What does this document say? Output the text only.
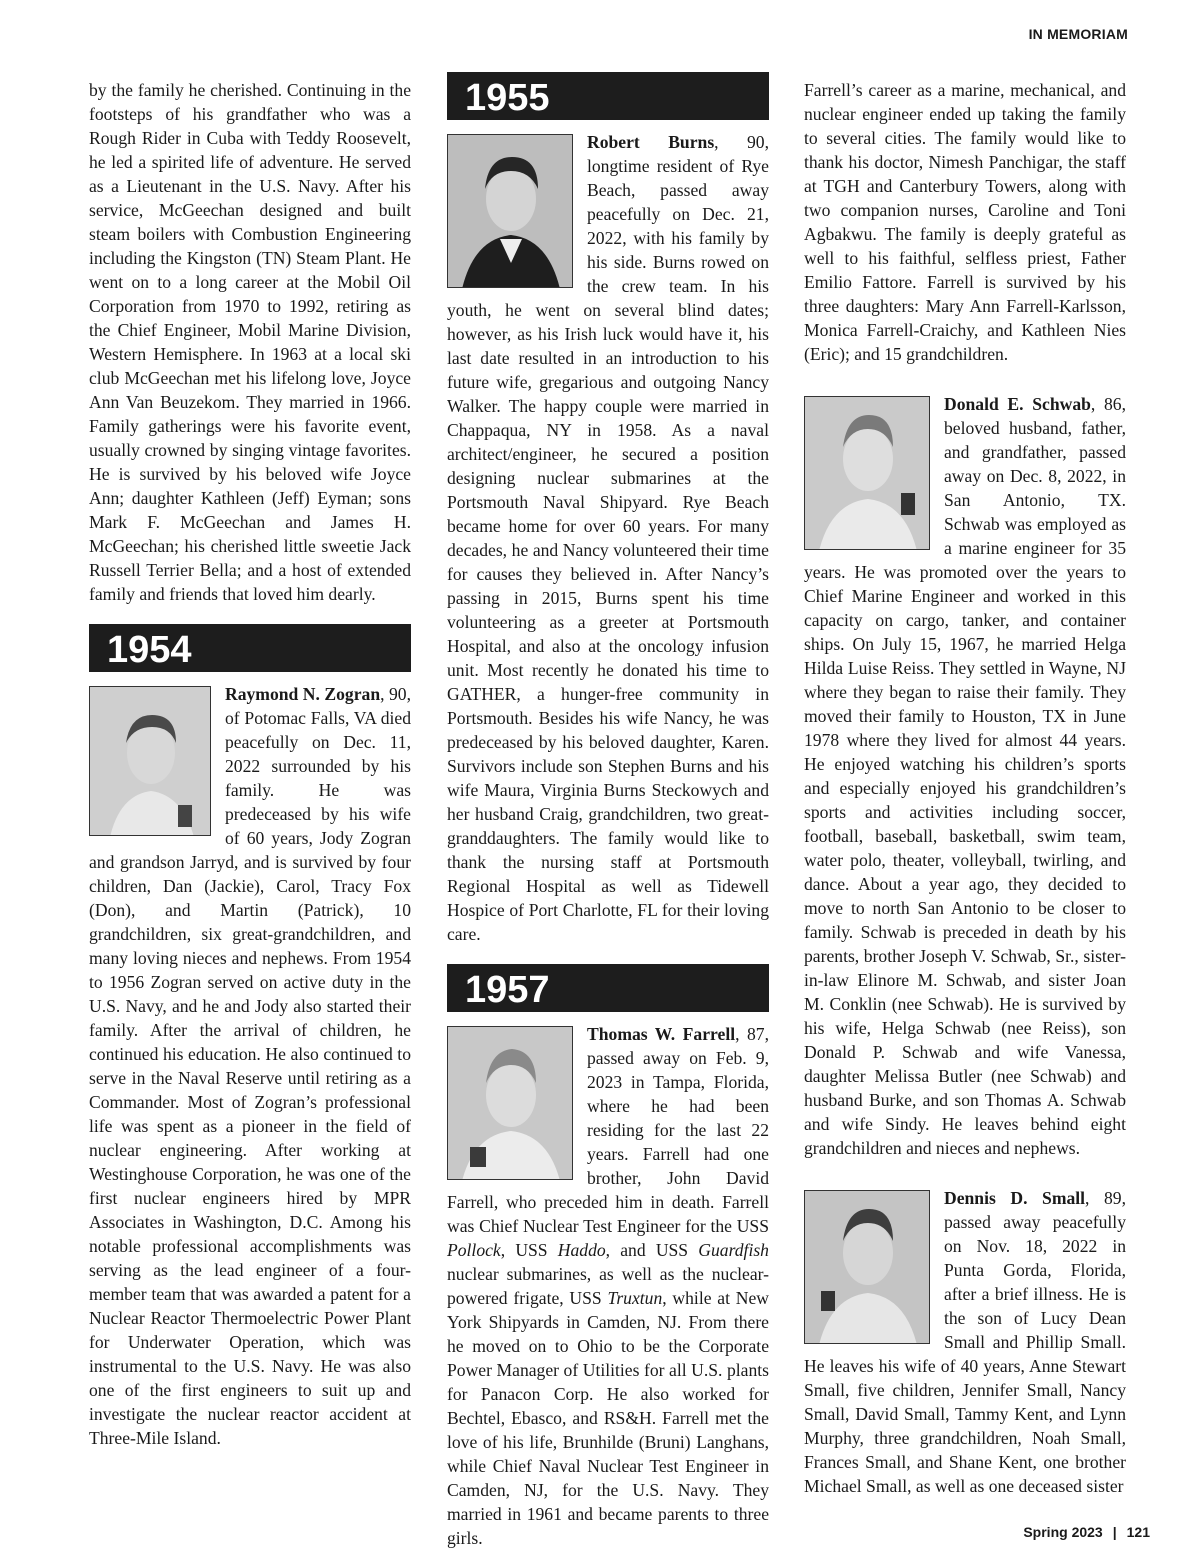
IN MEMORIAM

by the family he cherished. Continuing in the footsteps of his grandfather who was a Rough Rider in Cuba with Teddy Roosevelt, he led a spirited life of adventure. He served as a Lieutenant in the U.S. Navy. After his service, McGeechan designed and built steam boilers with Combustion Engineering including the Kingston (TN) Steam Plant. He went on to a long career at the Mobil Oil Corporation from 1970 to 1992, retiring as the Chief Engineer, Mobil Marine Division, Western Hemisphere. In 1963 at a local ski club McGeechan met his lifelong love, Joyce Ann Van Beuzekom. They married in 1966. Family gatherings were his favorite event, usually crowned by singing vintage favorites. He is survived by his beloved wife Joyce Ann; daughter Kathleen (Jeff) Eyman; sons Mark F. McGeechan and James H. McGeechan; his cherished little sweetie Jack Russell Terrier Bella; and a host of extended family and friends that loved him dearly.

1954

Raymond N. Zogran, 90, of Potomac Falls, VA died peacefully on Dec. 11, 2022 surrounded by his family. He was predeceased by his wife of 60 years, Jody Zogran and grandson Jarryd, and is survived by four children, Dan (Jackie), Carol, Tracy Fox (Don), and Martin (Patrick), 10 grandchildren, six great-grandchildren, and many loving nieces and nephews. From 1954 to 1956 Zogran served on active duty in the U.S. Navy, and he and Jody also started their family. After the arrival of children, he continued his education. He also continued to serve in the Naval Reserve until retiring as a Commander. Most of Zogran’s professional life was spent as a pioneer in the field of nuclear engineering. After working at Westinghouse Corporation, he was one of the first nuclear engineers hired by MPR Associates in Washington, D.C. Among his notable professional accomplishments was serving as the lead engineer of a four-member team that was awarded a patent for a Nuclear Reactor Thermoelectric Power Plant for Underwater Operation, which was instrumental to the U.S. Navy. He was also one of the first engineers to suit up and investigate the nuclear reactor accident at Three-Mile Island.

1955

Robert Burns, 90, longtime resident of Rye Beach, passed away peacefully on Dec. 21, 2022, with his family by his side. Burns rowed on the crew team. In his youth, he went on several blind dates; however, as his Irish luck would have it, his last date resulted in an introduction to his future wife, gregarious and outgoing Nancy Walker. The happy couple were married in Chappaqua, NY in 1958. As a naval architect/engineer, he secured a position designing nuclear submarines at the Portsmouth Naval Shipyard. Rye Beach became home for over 60 years. For many decades, he and Nancy volunteered their time for causes they believed in. After Nancy’s passing in 2015, Burns spent his time volunteering as a greeter at Portsmouth Hospital, and also at the oncology infusion unit. Most recently he donated his time to GATHER, a hunger-free community in Portsmouth. Besides his wife Nancy, he was predeceased by his beloved daughter, Karen. Survivors include son Stephen Burns and his wife Maura, Virginia Burns Steckowych and her husband Craig, grandchildren, two great-granddaughters. The family would like to thank the nursing staff at Portsmouth Regional Hospital as well as Tidewell Hospice of Port Charlotte, FL for their loving care.

1957

Thomas W. Farrell, 87, passed away on Feb. 9, 2023 in Tampa, Florida, where he had been residing for the last 22 years. Farrell had one brother, John David Farrell, who preceded him in death. Farrell was Chief Nuclear Test Engineer for the USS Pollock, USS Haddo, and USS Guardfish nuclear submarines, as well as the nuclear-powered frigate, USS Truxtun, while at New York Shipyards in Camden, NJ. From there he moved on to Ohio to be the Corporate Power Manager of Utilities for all U.S. plants for Panacon Corp. He also worked for Bechtel, Ebasco, and RS&H. Farrell met the love of his life, Brunhilde (Bruni) Langhans, while Chief Naval Nuclear Test Engineer in Camden, NJ, for the U.S. Navy. They married in 1961 and became parents to three girls.

Farrell’s career as a marine, mechanical, and nuclear engineer ended up taking the family to several cities. The family would like to thank his doctor, Nimesh Panchigar, the staff at TGH and Canterbury Towers, along with two companion nurses, Caroline and Toni Agbakwu. The family is deeply grateful as well to his faithful, selfless priest, Father Emilio Fattore. Farrell is survived by his three daughters: Mary Ann Farrell-Karlsson, Monica Farrell-Craichy, and Kathleen Nies (Eric); and 15 grandchildren.

Donald E. Schwab, 86, beloved husband, father, and grandfather, passed away on Dec. 8, 2022, in San Antonio, TX. Schwab was employed as a marine engineer for 35 years. He was promoted over the years to Chief Marine Engineer and worked in this capacity on cargo, tanker, and container ships. On July 15, 1967, he married Helga Hilda Luise Reiss. They settled in Wayne, NJ where they began to raise their family. They moved their family to Houston, TX in June 1978 where they lived for almost 44 years. He enjoyed watching his children’s sports and especially enjoyed his grandchildren’s sports and activities including soccer, football, baseball, basketball, swim team, water polo, theater, volleyball, twirling, and dance. About a year ago, they decided to move to north San Antonio to be closer to family. Schwab is preceded in death by his parents, brother Joseph V. Schwab, Sr., sister-in-law Elinore M. Schwab, and sister Joan M. Conklin (nee Schwab). He is survived by his wife, Helga Schwab (nee Reiss), son Donald P. Schwab and wife Vanessa, daughter Melissa Butler (nee Schwab) and husband Burke, and son Thomas A. Schwab and wife Sindy. He leaves behind eight grandchildren and nieces and nephews.

Dennis D. Small, 89, passed away peacefully on Nov. 18, 2022 in Punta Gorda, Florida, after a brief illness. He is the son of Lucy Dean Small and Phillip Small. He leaves his wife of 40 years, Anne Stewart Small, five children, Jennifer Small, Nancy Small, David Small, Tammy Kent, and Lynn Murphy, three grandchildren, Noah Small, Frances Small, and Shane Kent, one brother Michael Small, as well as one deceased sister

Spring 2023 | 121
